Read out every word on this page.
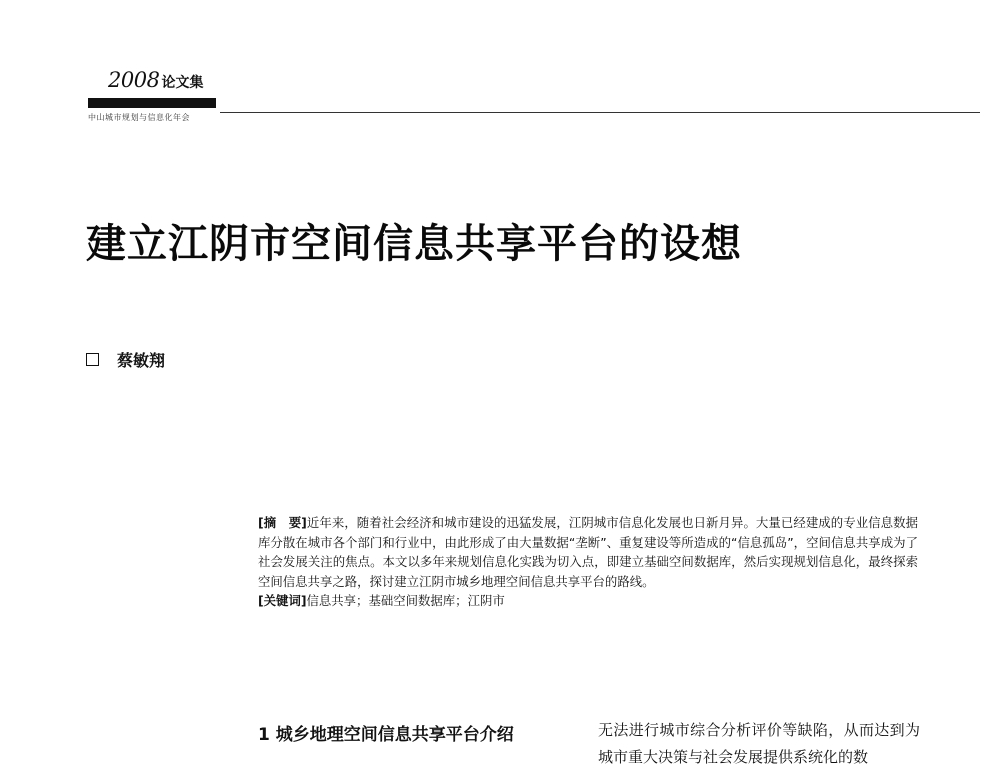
2008 论文集
中山城市规划与信息化年会
建立江阴市空间信息共享平台的设想
蔡敏翔

[摘　要]近年来，随着社会经济和城市建设的迅猛发展，江阴城市信息化发展也日新月异。大量已经建成的专业信息数据库分散在城市各个部门和行业中，由此形成了由大量数据“垄断”、重复建设等所造成的“信息孤岛”，空间信息共享成为了社会发展关注的焦点。本文以多年来规划信息化实践为切入点，即建立基础空间数据库，然后实现规划信息化，最终探索空间信息共享之路，探讨建立江阴市城乡地理空间信息共享平台的路线。

[关键词]信息共享；基础空间数据库；江阴市

1 城乡地理空间信息共享平台介绍	无法进行城市综合分析评价等缺陷，从而达到为城市重大决策与社会发展提供系统化的数
